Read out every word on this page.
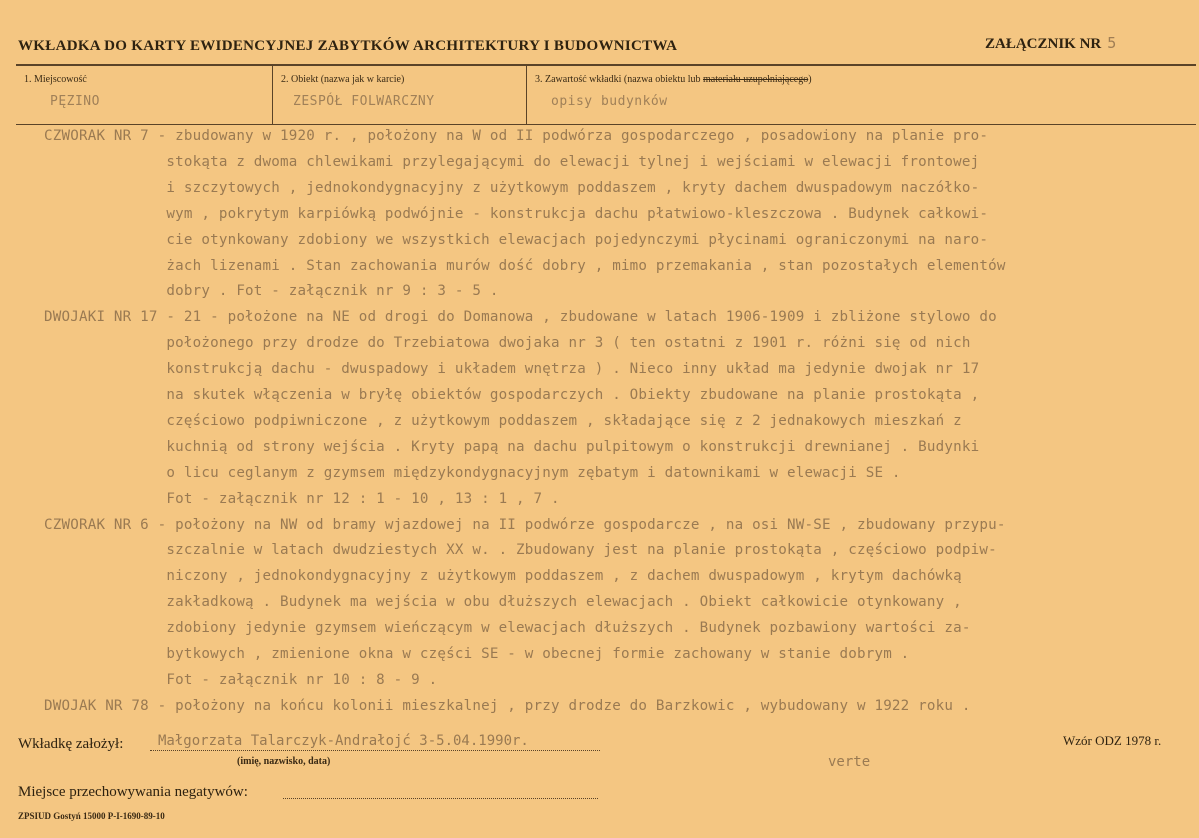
WKŁADKA DO KARTY EWIDENCYJNEJ ZABYTKÓW ARCHITEKTURY I BUDOWNICTWA	ZAŁĄCZNIK NR 5
1. Miejscowość
PĘZINO
2. Obiekt (nazwa jak w karcie)
ZESPÓŁ FOLWARCZNY
3. Zawartość wkładki (nazwa obiektu lub materiału uzupełniającego)
opisy budynków
CZWORAK NR 7 - zbudowany w 1920 r. , położony na W od II podwórza gospodarczego , posadowiony na planie pro-
stokąta z dwoma chlewikami przylegającymi do elewacji tylnej i wejściami w elewacji frontowej
i szczytowych , jednokondygnacyjny z użytkowym poddaszem , kryty dachem dwuspadowym naczółko-
wym , pokrytym karpiówką podwójnie - konstrukcja dachu płatwiowo-kleszczowa . Budynek całkowi-
cie otynkowany zdobiony we wszystkich elewacjach pojedynczymi płycinami ograniczonymi na naro-
żach lizenami . Stan zachowania murów dość dobry , mimo przemakania , stan pozostałych elementów
dobry . Fot - załącznik nr 9 : 3 - 5 .
DWOJAKI NR 17 - 21 - położone na NE od drogi do Domanowa , zbudowane w latach 1906-1909 i zbliżone stylowo do
położonego przy drodze do Trzebiatowa dwojaka nr 3 ( ten ostatni z 1901 r. różni się od nich
konstrukcją dachu - dwuspadowy i układem wnętrza ) . Nieco inny układ ma jedynie dwojak nr 17
na skutek włączenia w bryłę obiektów gospodarczych . Obiekty zbudowane na planie prostokąta ,
częściowo podpiwniczone , z użytkowym poddaszem , składające się z 2 jednakowych mieszkań z
kuchnią od strony wejścia . Kryty papą na dachu pulpitowym o konstrukcji drewnianej . Budynki
o licu ceglanym z gzymsem międzykondygnacyjnym zębatym i datownikami w elewacji SE .
Fot - załącznik nr 12 : 1 - 10 , 13 : 1 , 7 .
CZWORAK NR 6 - położony na NW od bramy wjazdowej na II podwórze gospodarcze , na osi NW-SE , zbudowany przypu-
szczalnie w latach dwudziestych XX w. . Zbudowany jest na planie prostokąta , częściowo podpiw-
niczony , jednokondygnacyjny z użytkowym poddaszem , z dachem dwuspadowym , krytym dachówką
zakładkową . Budynek ma wejścia w obu dłuższych elewacjach . Obiekt całkowicie otynkowany ,
zdobiony jedynie gzymsem wieńczącym w elewacjach dłuższych . Budynek pozbawiony wartości za-
bytkowych , zmienione okna w części SE - w obecnej formie zachowany w stanie dobrym .
Fot - załącznik nr 10 : 8 - 9 .
DWOJAK NR 78 - położony na końcu kolonii mieszkalnej , przy drodze do Barzkowic , wybudowany w 1922 roku .
Wkładkę założył: Małgorzata Talarczyk-Andrałojć 3-5.04.1990r.
(imię, nazwisko, data)	verte
Wzór ODZ 1978 r.
Miejsce przechowywania negatywów:
ZPSIUD Gostyń 15000 P-I-1690-89-10
